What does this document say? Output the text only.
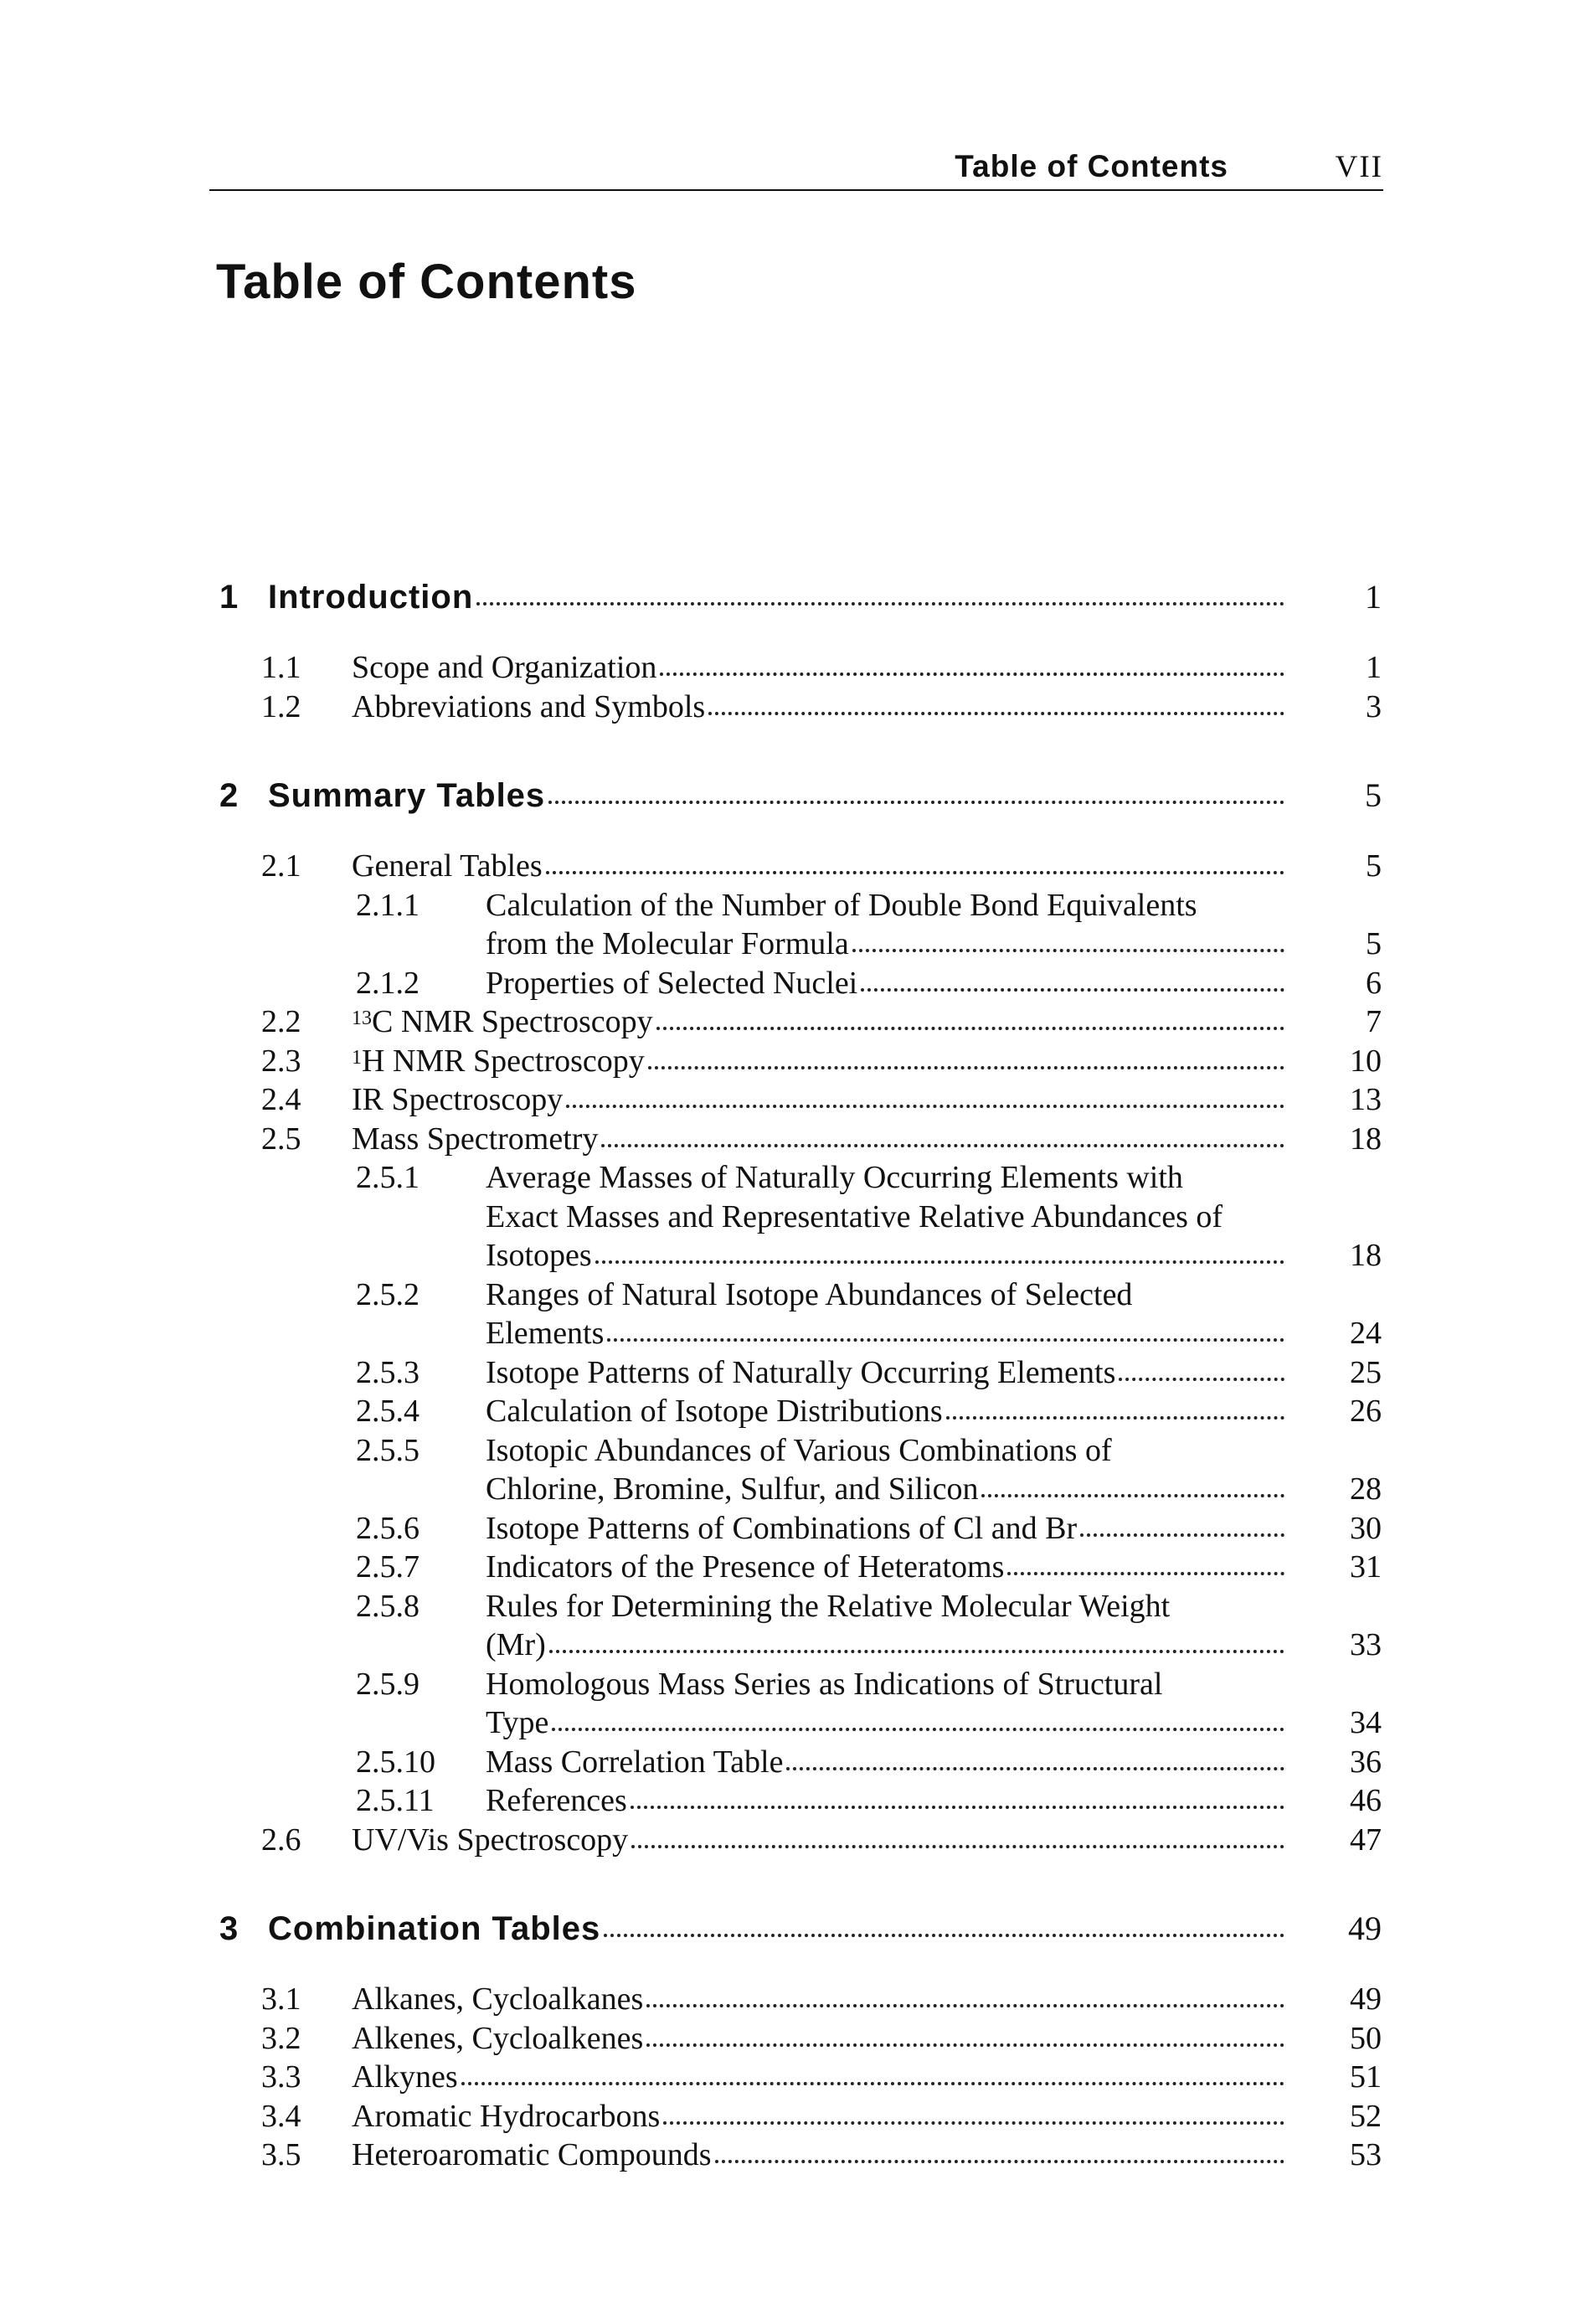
Table of Contents	VII
Table of Contents
1 Introduction	1
1.1 Scope and Organization	1
1.2 Abbreviations and Symbols	3
2 Summary Tables	5
2.1 General Tables	5
2.1.1 Calculation of the Number of Double Bond Equivalents
from the Molecular Formula	5
2.1.2 Properties of Selected Nuclei	6
2.2	$^{13}$C NMR Spectroscopy	7
2.3	$^1$H NMR Spectroscopy	10
2.4 IR Spectroscopy	13
2.5 Mass Spectrometry	18
2.5.1 Average Masses of Naturally Occurring Elements with
Exact Masses and Representative Relative Abundances of
Isotopes	18
2.5.2 Ranges of Natural Isotope Abundances of Selected
Elements	24
2.5.3 Isotope Patterns of Naturally Occurring Elements	25
2.5.4 Calculation of Isotope Distributions	26
2.5.5 Isotopic Abundances of Various Combinations of
Chlorine, Bromine, Sulfur, and Silicon	28
2.5.6 Isotope Patterns of Combinations of Cl and Br	30
2.5.7 Indicators of the Presence of Heteratoms	31
2.5.8 Rules for Determining the Relative Molecular Weight
(Mr)	33
2.5.9 Homologous Mass Series as Indications of Structural
Type	34
2.5.10 Mass Correlation Table	36
2.5.11 References	46
2.6 UV/Vis Spectroscopy	47
3 Combination Tables	49
3.1 Alkanes, Cycloalkanes	49
3.2 Alkenes, Cycloalkenes	50
3.3 Alkynes	51
3.4 Aromatic Hydrocarbons	52
3.5 Heteroaromatic Compounds	53
